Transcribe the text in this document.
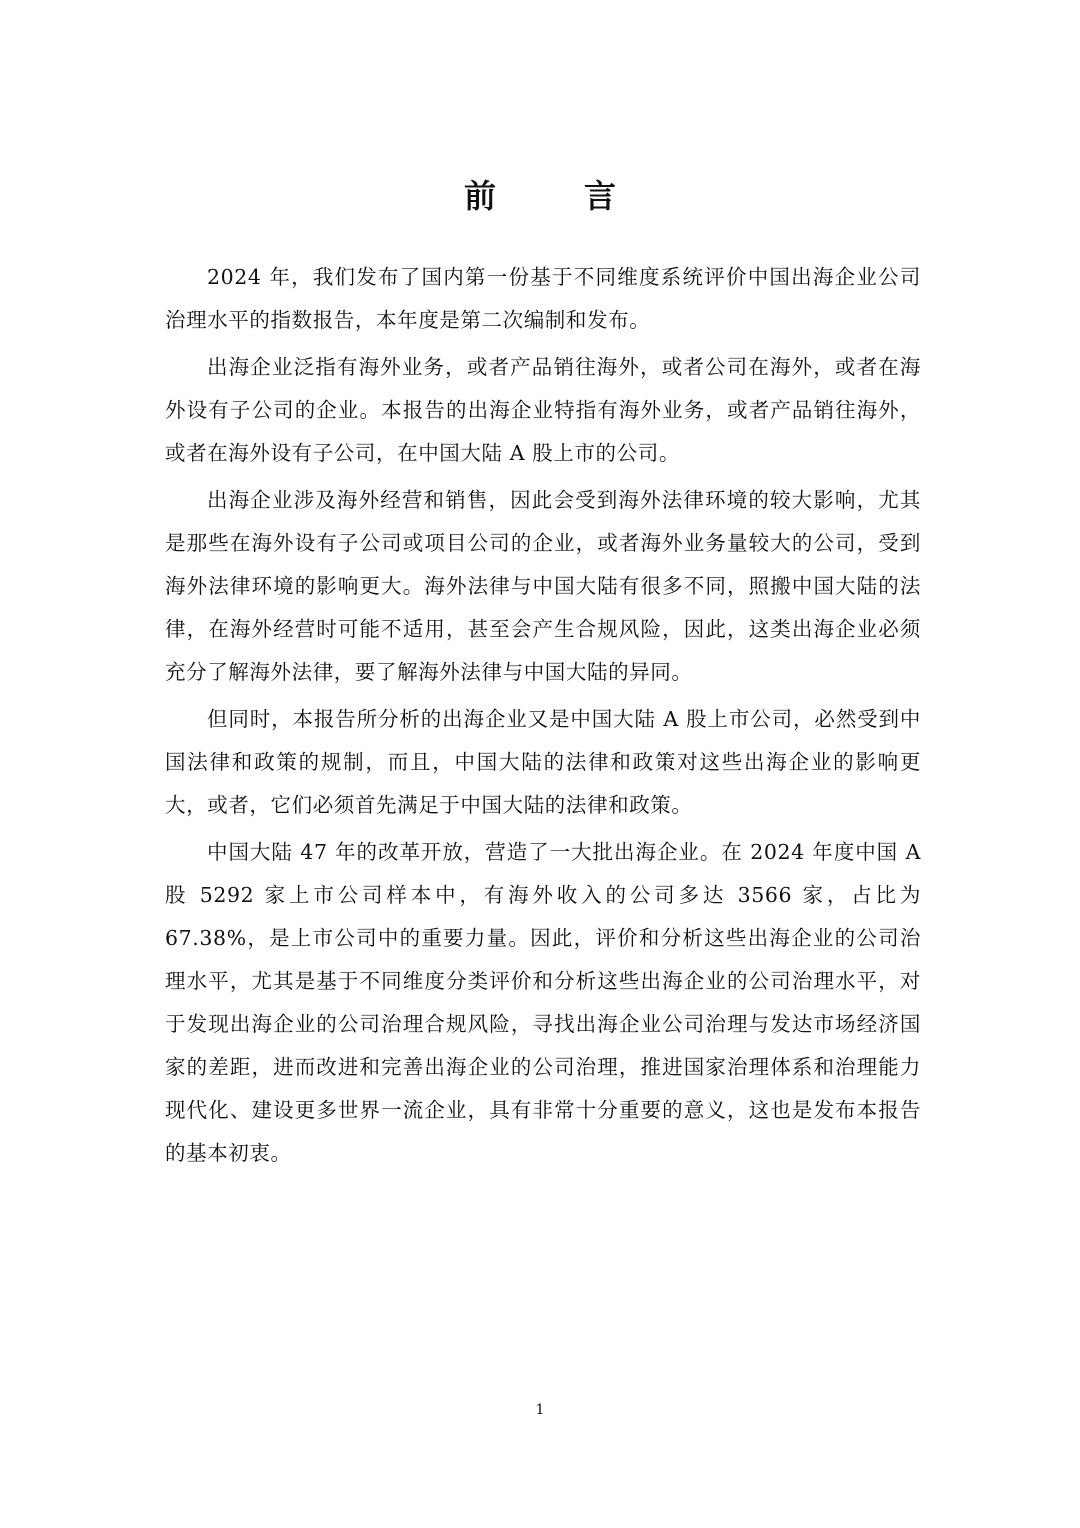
前　言

2024 年，我们发布了国内第一份基于不同维度系统评价中国出海企业公司治理水平的指数报告，本年度是第二次编制和发布。

出海企业泛指有海外业务，或者产品销往海外，或者公司在海外，或者在海外设有子公司的企业。本报告的出海企业特指有海外业务，或者产品销往海外，或者在海外设有子公司，在中国大陆 A 股上市的公司。

出海企业涉及海外经营和销售，因此会受到海外法律环境的较大影响，尤其是那些在海外设有子公司或项目公司的企业，或者海外业务量较大的公司，受到海外法律环境的影响更大。海外法律与中国大陆有很多不同，照搬中国大陆的法律，在海外经营时可能不适用，甚至会产生合规风险，因此，这类出海企业必须充分了解海外法律，要了解海外法律与中国大陆的异同。

但同时，本报告所分析的出海企业又是中国大陆 A 股上市公司，必然受到中国法律和政策的规制，而且，中国大陆的法律和政策对这些出海企业的影响更大，或者，它们必须首先满足于中国大陆的法律和政策。

中国大陆 47 年的改革开放，营造了一大批出海企业。在 2024 年度中国 A 股 5292 家上市公司样本中，有海外收入的公司多达 3566 家，占比为 67.38%，是上市公司中的重要力量。因此，评价和分析这些出海企业的公司治理水平，尤其是基于不同维度分类评价和分析这些出海企业的公司治理水平，对于发现出海企业的公司治理合规风险，寻找出海企业公司治理与发达市场经济国家的差距，进而改进和完善出海企业的公司治理，推进国家治理体系和治理能力现代化、建设更多世界一流企业，具有非常十分重要的意义，这也是发布本报告的基本初衷。

1
